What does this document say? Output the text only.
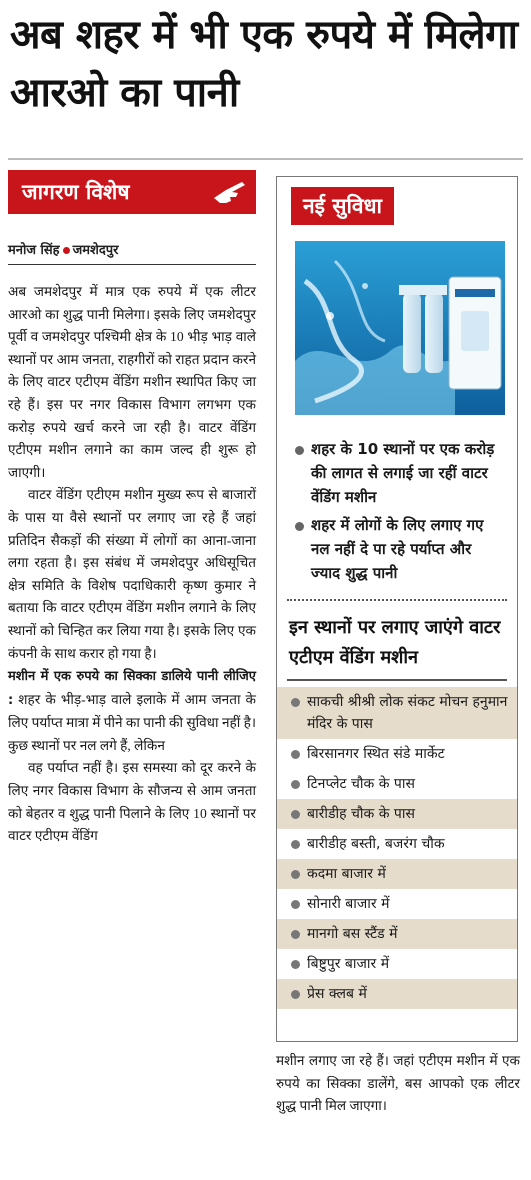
अब शहर में भी एक रुपये में मिलेगा आरओ का पानी
जागरण विशेष
मनोज सिंह जमशेदपुर

अब जमशेदपुर में मात्र एक रुपये में एक लीटर आरओ का शुद्ध पानी मिलेगा। इसके लिए जमशेदपुर पूर्वी व जमशेदपुर पश्चिमी क्षेत्र के 10 भीड़ भाड़ वाले स्थानों पर आम जनता, राहगीरों को राहत प्रदान करने के लिए वाटर एटीएम वेंडिंग मशीन स्थापित किए जा रहे हैं। इस पर नगर विकास विभाग लगभग एक करोड़ रुपये खर्च करने जा रही है। वाटर वेंडिंग एटीएम मशीन लगाने का काम जल्द ही शुरू हो जाएगी।

वाटर वेंडिंग एटीएम मशीन मुख्य रूप से बाजारों के पास या वैसे स्थानों पर लगाए जा रहे हैं जहां प्रतिदिन सैकड़ों की संख्या में लोगों का आना-जाना लगा रहता है। इस संबंध में जमशेदपुर अधिसूचित क्षेत्र समिति के विशेष पदाधिकारी कृष्ण कुमार ने बताया कि वाटर एटीएम वेंडिंग मशीन लगाने के लिए स्थानों को चिन्हित कर लिया गया है। इसके लिए एक कंपनी के साथ करार हो गया है।

मशीन में एक रुपये का सिक्का डालिये पानी लीजिए : शहर के भीड़-भाड़ वाले इलाके में आम जनता के लिए पर्याप्त मात्रा में पीने का पानी की सुविधा नहीं है। कुछ स्थानों पर नल लगे हैं, लेकिन

वह पर्याप्त नहीं है। इस समस्या को दूर करने के लिए नगर विकास विभाग के सौजन्य से आम जनता को बेहतर व शुद्ध पानी पिलाने के लिए 10 स्थानों पर वाटर एटीएम वेंडिंग

नई सुविधा
शहर के 10 स्थानों पर एक करोड़ की लागत से लगाई जा रहीं वाटर वेंडिंग मशीन
शहर में लोगों के लिए लगाए गए नल नहीं दे पा रहे पर्याप्त और ज्याद शुद्ध पानी
इन स्थानों पर लगाए जाएंगे वाटर एटीएम वेंडिंग मशीन
साकची श्रीश्री लोक संकट मोचन हनुमान मंदिर के पास
बिरसानगर स्थित संडे मार्केट
टिनप्लेट चौक के पास
बारीडीह चौक के पास
बारीडीह बस्ती, बजरंग चौक
कदमा बाजार में
सोनारी बाजार में
मानगो बस स्टैंड में
बिष्टुपुर बाजार में
प्रेस क्लब में
मशीन लगाए जा रहे हैं। जहां एटीएम मशीन में एक रुपये का सिक्का डालेंगे, बस आपको एक लीटर शुद्ध पानी मिल जाएगा।
